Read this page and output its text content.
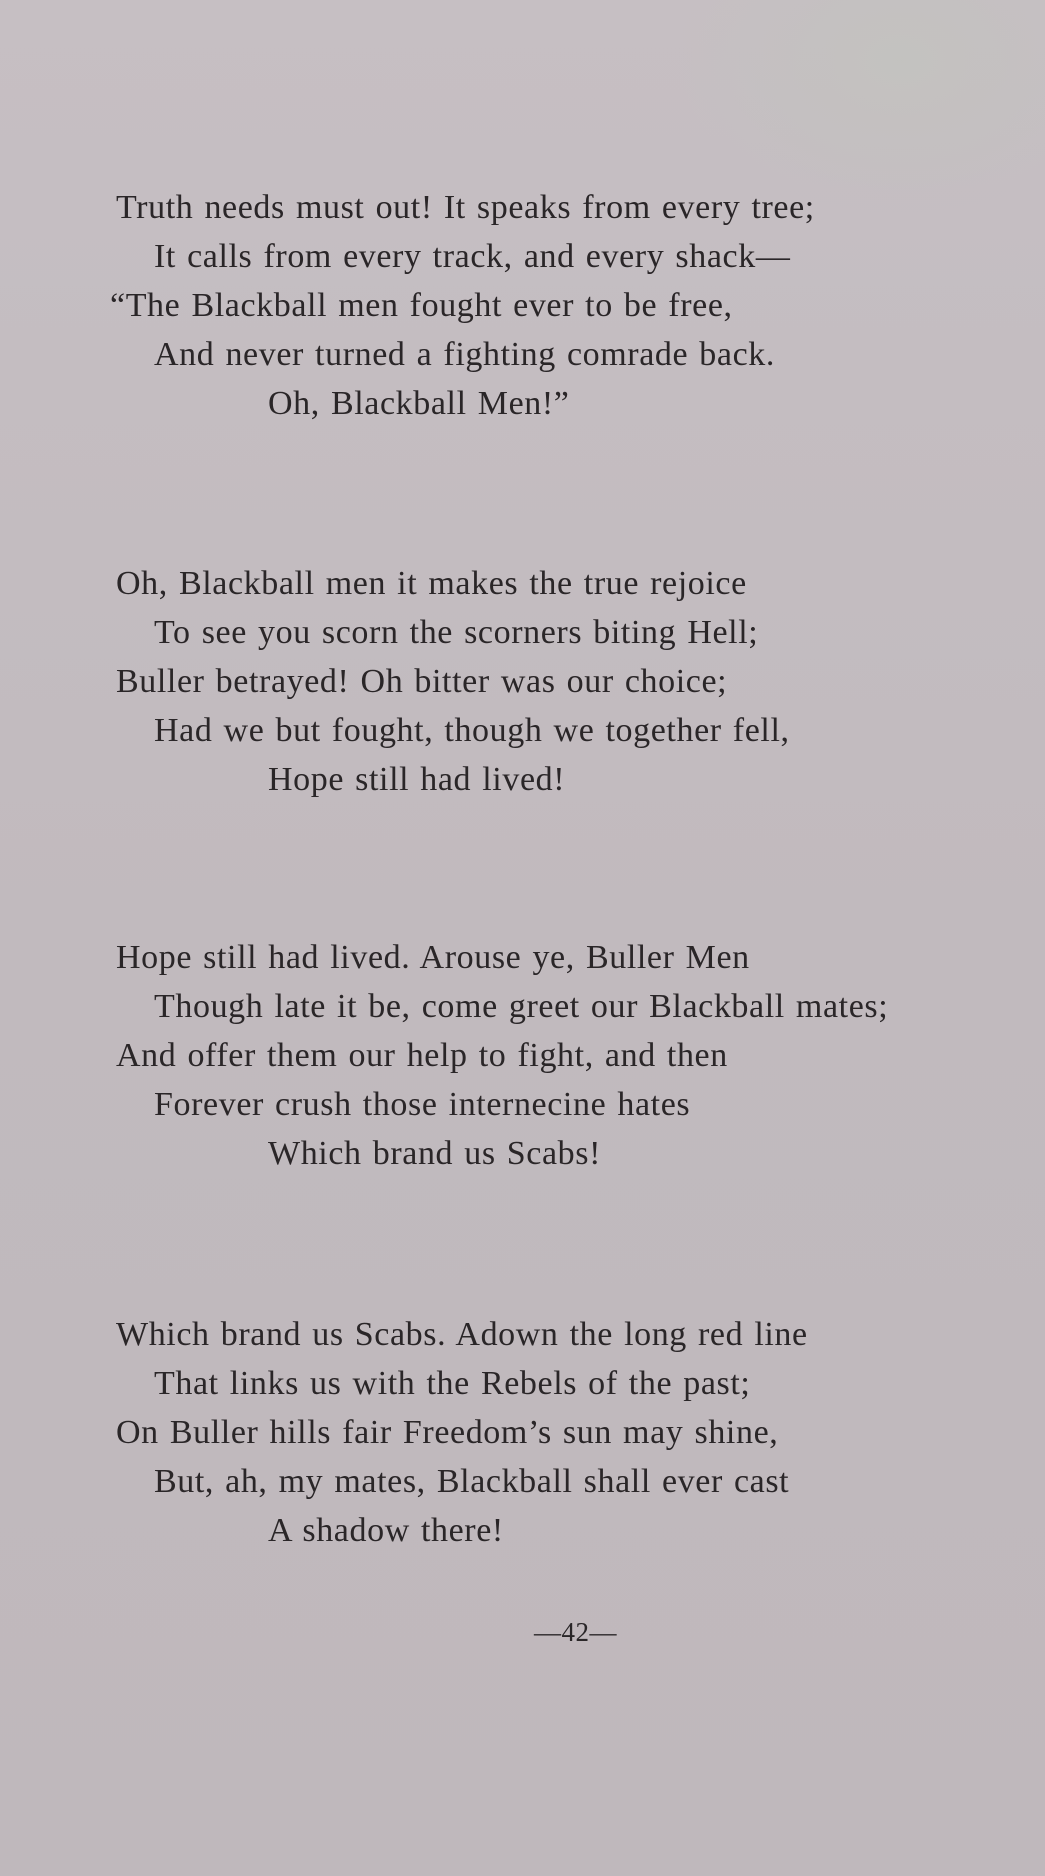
Truth needs must out! It speaks from every tree;
It calls from every track, and every shack—
“The Blackball men fought ever to be free,
And never turned a fighting comrade back.
Oh, Blackball Men!”
Oh, Blackball men it makes the true rejoice
To see you scorn the scorners biting Hell;
Buller betrayed! Oh bitter was our choice;
Had we but fought, though we together fell,
Hope still had lived!
Hope still had lived. Arouse ye, Buller Men
Though late it be, come greet our Blackball mates;
And offer them our help to fight, and then
Forever crush those internecine hates
Which brand us Scabs!
Which brand us Scabs. Adown the long red line
That links us with the Rebels of the past;
On Buller hills fair Freedom’s sun may shine,
But, ah, my mates, Blackball shall ever cast
A shadow there!
—42—
